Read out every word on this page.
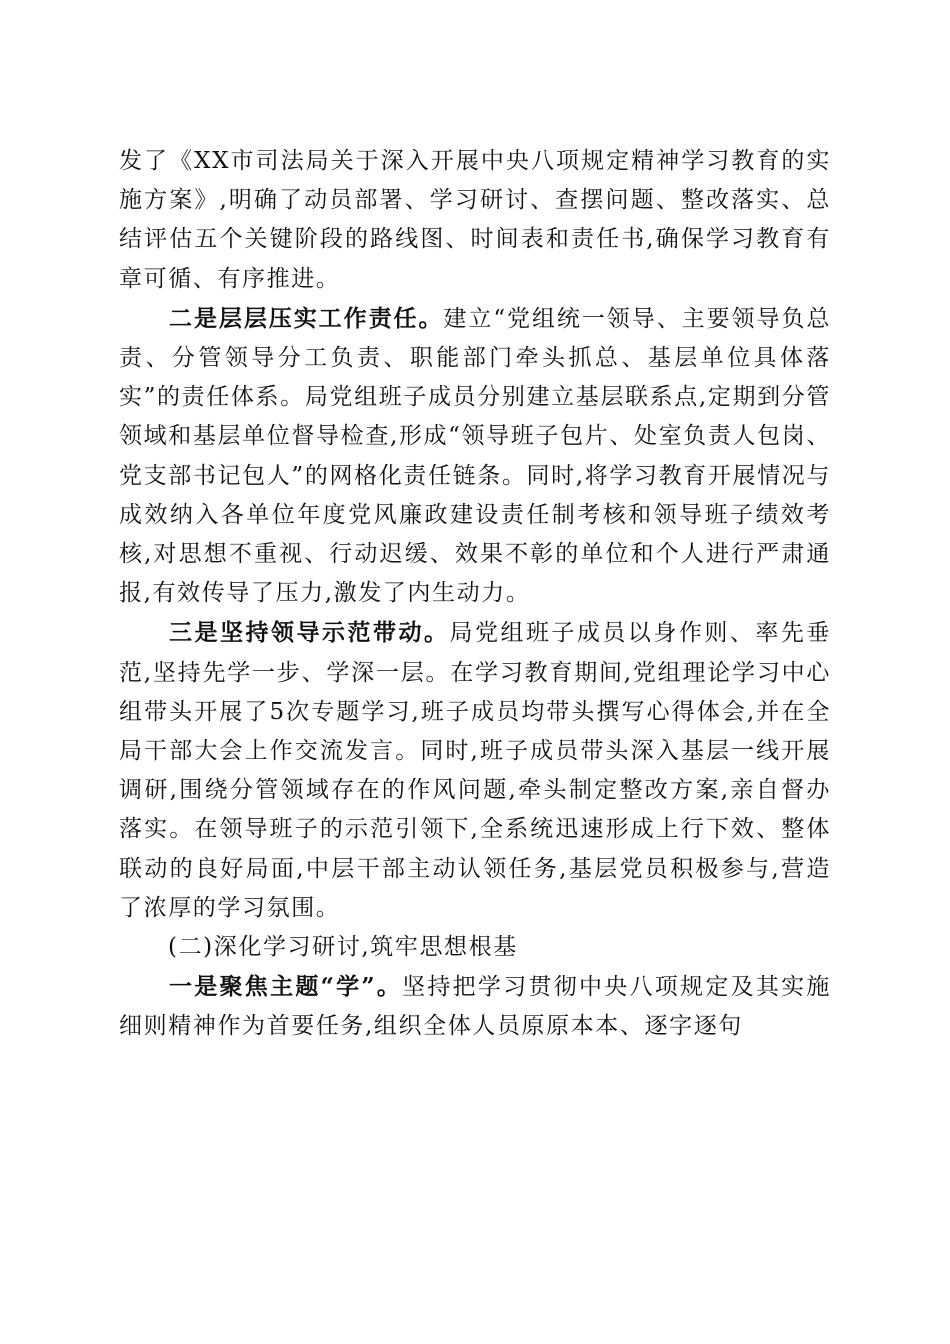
发了《XX市司法局关于深入开展中央八项规定精神学习教育的实施方案》,明确了动员部署、学习研讨、查摆问题、整改落实、总结评估五个关键阶段的路线图、时间表和责任书,确保学习教育有章可循、有序推进。

二是层层压实工作责任。建立“党组统一领导、主要领导负总责、分管领导分工负责、职能部门牵头抓总、基层单位具体落实”的责任体系。局党组班子成员分别建立基层联系点,定期到分管领域和基层单位督导检查,形成“领导班子包片、处室负责人包岗、党支部书记包人”的网格化责任链条。同时,将学习教育开展情况与成效纳入各单位年度党风廉政建设责任制考核和领导班子绩效考核,对思想不重视、行动迟缓、效果不彰的单位和个人进行严肃通报,有效传导了压力,激发了内生动力。

三是坚持领导示范带动。局党组班子成员以身作则、率先垂范,坚持先学一步、学深一层。在学习教育期间,党组理论学习中心组带头开展了5次专题学习,班子成员均带头撰写心得体会,并在全局干部大会上作交流发言。同时,班子成员带头深入基层一线开展调研,围绕分管领域存在的作风问题,牵头制定整改方案,亲自督办落实。在领导班子的示范引领下,全系统迅速形成上行下效、整体联动的良好局面,中层干部主动认领任务,基层党员积极参与,营造了浓厚的学习氛围。

(二)深化学习研讨,筑牢思想根基

一是聚焦主题“学”。坚持把学习贯彻中央八项规定及其实施细则精神作为首要任务,组织全体人员原原本本、逐字逐句
